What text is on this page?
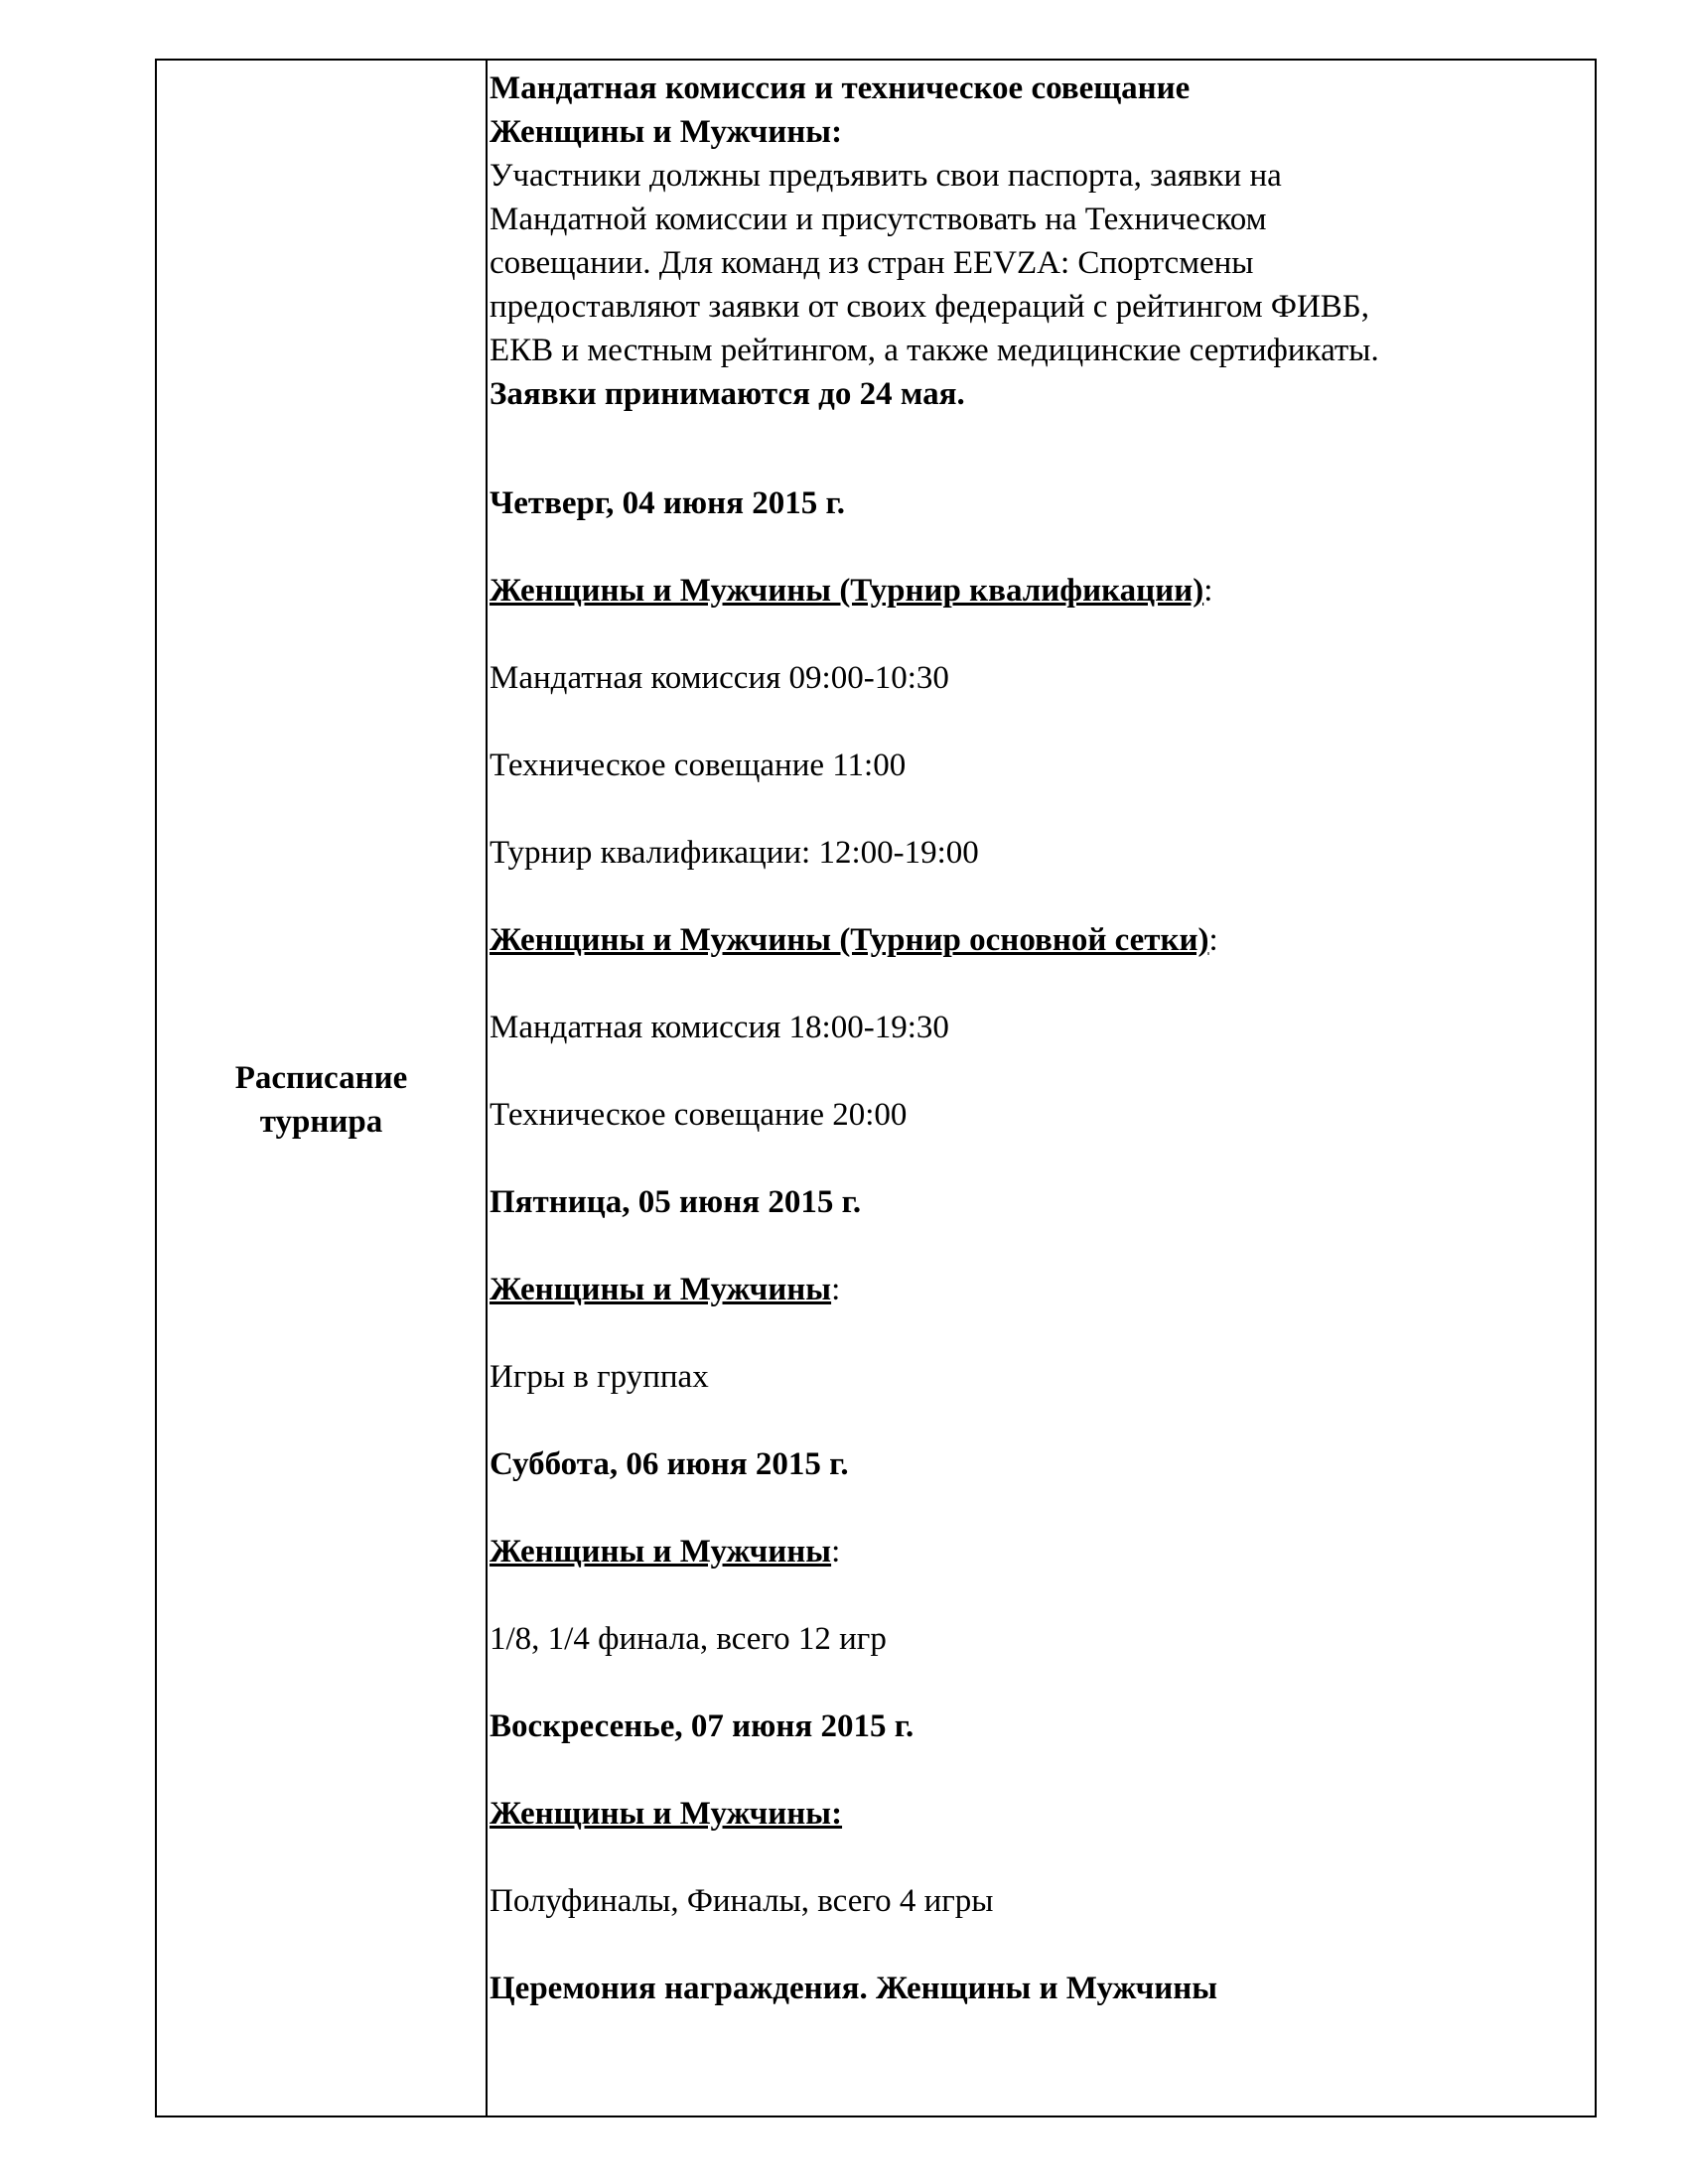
Расписание
турнира
Мандатная комиссия и техническое совещание
Женщины и Мужчины:
Участники должны предъявить свои паспорта, заявки на
Мандатной комиссии и присутствовать на Техническом
совещании. Для команд из стран EEVZA: Спортсмены
предоставляют заявки от своих федераций с рейтингом ФИВБ,
ЕКВ и местным рейтингом, а также медицинские сертификаты.
Заявки принимаются до 24 мая.
Четверг, 04 июня 2015 г.
Женщины и Мужчины (Турнир квалификации):
Мандатная комиссия 09:00-10:30
Техническое совещание 11:00
Турнир квалификации: 12:00-19:00
Женщины и Мужчины (Турнир основной сетки):
Мандатная комиссия 18:00-19:30
Техническое совещание 20:00
Пятница, 05 июня 2015 г.
Женщины и Мужчины:
Игры в группах
Суббота, 06 июня 2015 г.
Женщины и Мужчины:
1/8, 1/4 финала, всего 12 игр
Воскресенье, 07 июня 2015 г.
Женщины и Мужчины:
Полуфиналы, Финалы, всего 4 игры
Церемония награждения. Женщины и Мужчины
